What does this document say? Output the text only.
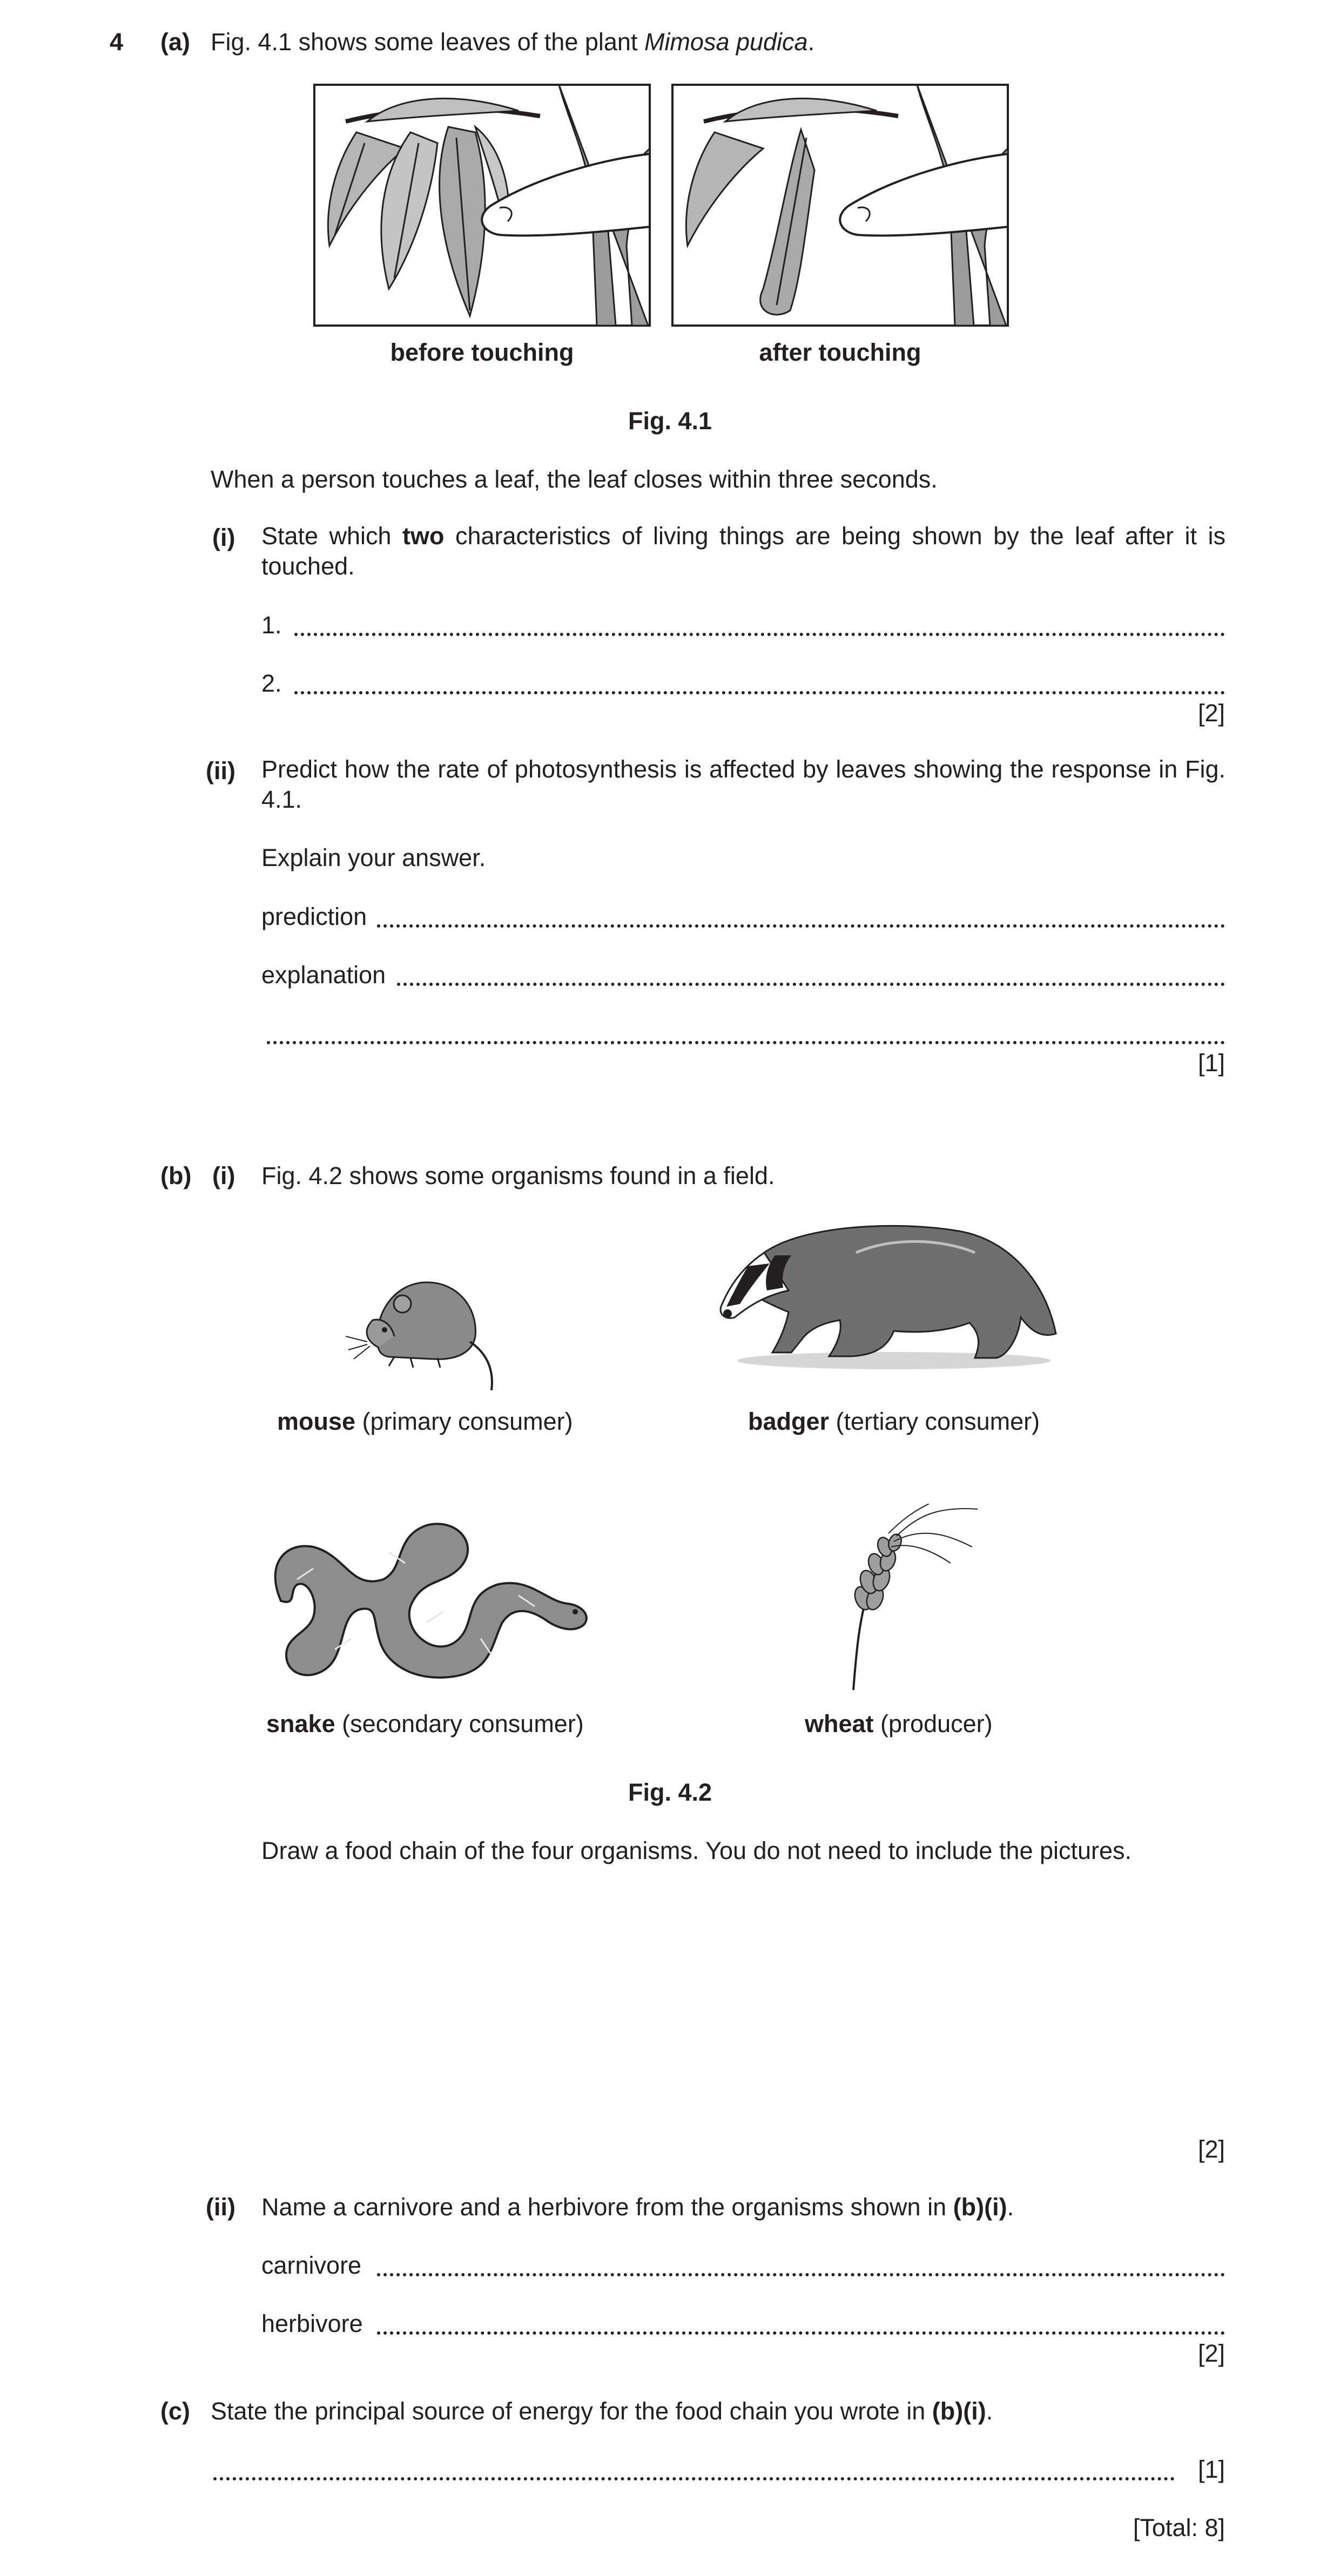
4 (a) Fig. 4.1 shows some leaves of the plant Mimosa pudica.
before touching	after touching
Fig. 4.1
When a person touches a leaf, the leaf closes within three seconds.
(i) State which two characteristics of living things are being shown by the leaf after it is touched.
1.
2.
[2]
(ii) Predict how the rate of photosynthesis is affected by leaves showing the response in Fig. 4.1.
Explain your answer.
prediction
explanation
[1]
(b) (i) Fig. 4.2 shows some organisms found in a field.
mouse (primary consumer)	badger (tertiary consumer)
snake (secondary consumer)	wheat (producer)
Fig. 4.2
Draw a food chain of the four organisms. You do not need to include the pictures.
[2]
(ii) Name a carnivore and a herbivore from the organisms shown in (b)(i).
carnivore
herbivore
[2]
(c) State the principal source of energy for the food chain you wrote in (b)(i).
[1]
[Total: 8]
